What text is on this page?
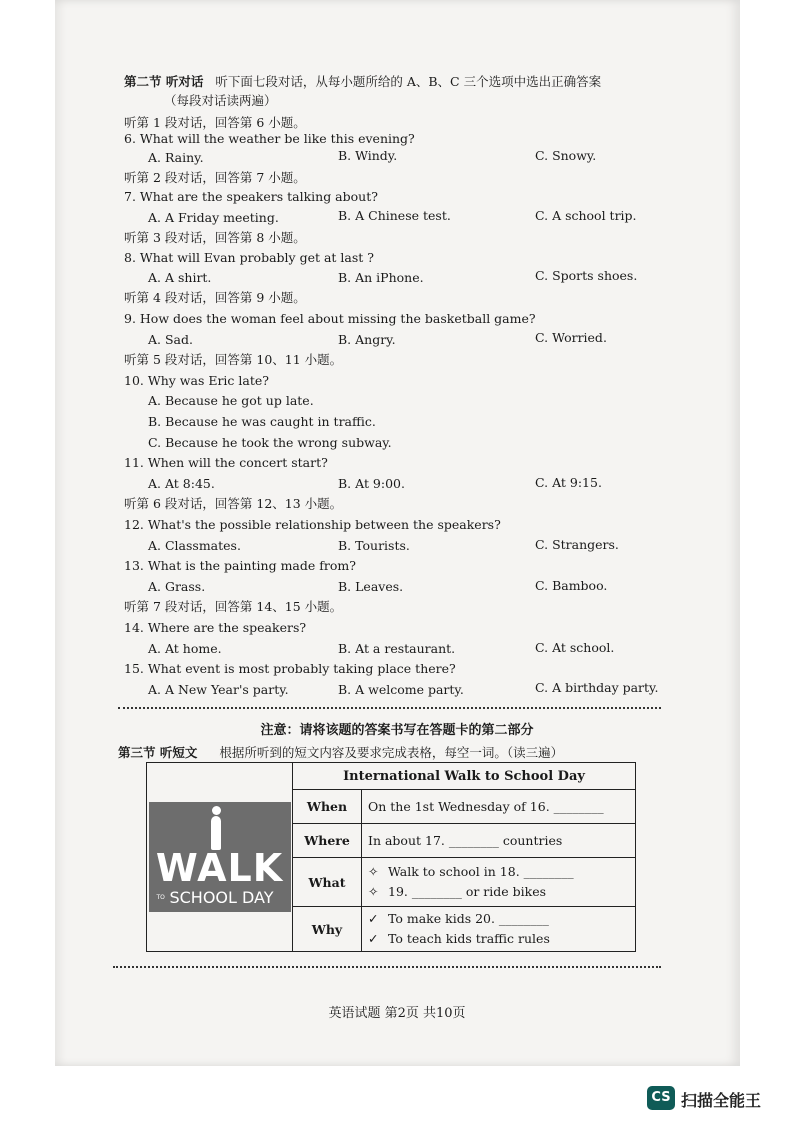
第二节 听对话 听下面七段对话，从每小题所给的 A、B、C 三个选项中选出正确答案
（每段对话读两遍）
听第 1 段对话，回答第 6 小题。
6. What will the weather be like this evening?
A. Rainy.	B. Windy.	C. Snowy.
听第 2 段对话，回答第 7 小题。
7. What are the speakers talking about?
A. A Friday meeting.	B. A Chinese test.	C. A school trip.
听第 3 段对话，回答第 8 小题。
8. What will Evan probably get at last ?
A. A shirt.	B. An iPhone.	C. Sports shoes.
听第 4 段对话，回答第 9 小题。
9. How does the woman feel about missing the basketball game?
A. Sad.	B. Angry.	C. Worried.
听第 5 段对话，回答第 10、11 小题。
10. Why was Eric late?
A. Because he got up late.
B. Because he was caught in traffic.
C. Because he took the wrong subway.
11. When will the concert start?
A. At 8:45.	B. At 9:00.	C. At 9:15.
听第 6 段对话，回答第 12、13 小题。
12. What's the possible relationship between the speakers?
A. Classmates.	B. Tourists.	C. Strangers.
13. What is the painting made from?
A. Grass.	B. Leaves.	C. Bamboo.
听第 7 段对话，回答第 14、15 小题。
14. Where are the speakers?
A. At home.	B. At a restaurant.	C. At school.
15. What event is most probably taking place there?
A. A New Year's party.	B. A welcome party.	C. A birthday party.
注意：请将该题的答案书写在答题卡的第二部分
第三节 听短文 根据所听到的短文内容及要求完成表格，每空一词。（读三遍）
WALK
TO SCHOOL DAY	International Walk to School Day	
	When	On the 1st Wednesday of 16. ________
	Where	In about 17. ________ countries
	What	✧ Walk to school in 18. ________
✧ 19. ________ or ride bikes

	Why	✓ To make kids 20. ________
✓ To teach kids traffic rules
英语试题 第2页 共10页
CS 扫描全能王
